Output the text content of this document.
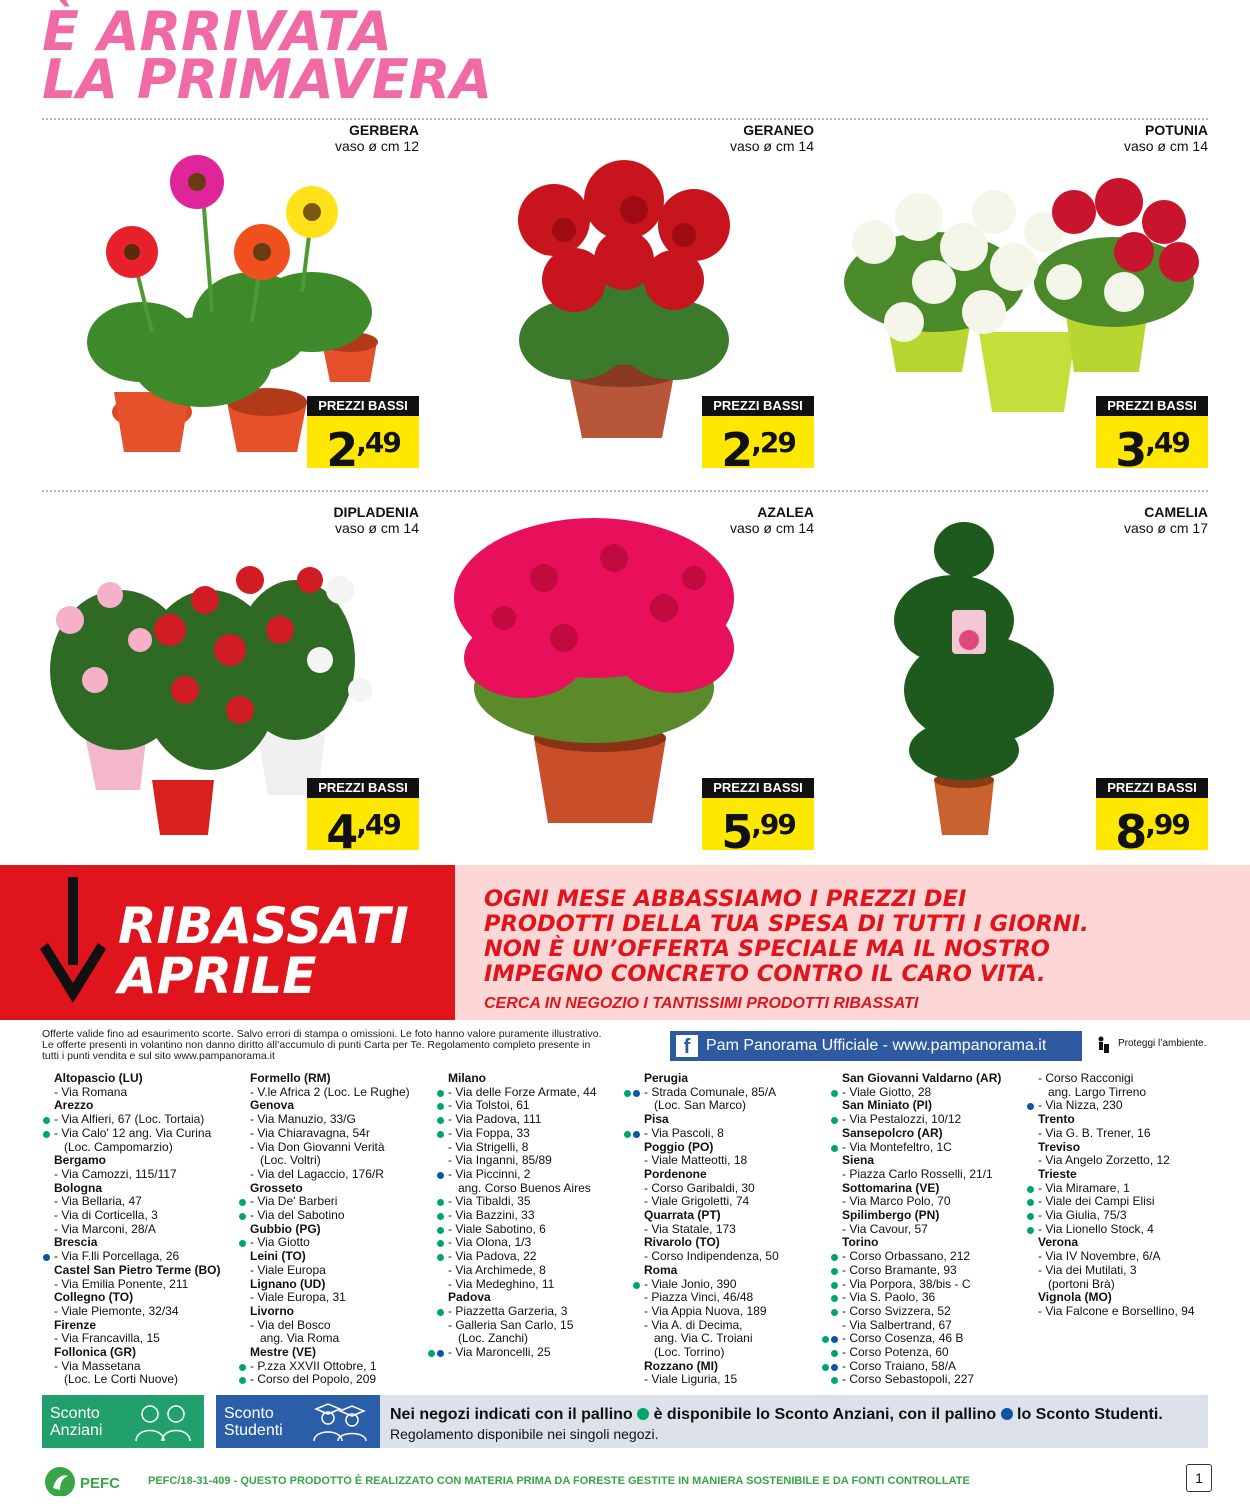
È ARRIVATA
LA PRIMAVERA
GERBERA
vaso ø cm 12
PREZZI BASSI
$2^{,49}$
GERANEO
vaso ø cm 14
PREZZI BASSI
$2^{,29}$
POTUNIA
vaso ø cm 14
PREZZI BASSI
$3^{,49}$
DIPLADENIA
vaso ø cm 14
PREZZI BASSI
$4^{,49}$
AZALEA
vaso ø cm 14
PREZZI BASSI
$5^{,99}$
CAMELIA
vaso ø cm 17
PREZZI BASSI
$8^{,99}$
RIBASSATI
APRILE
OGNI MESE ABBASSIAMO I PREZZI DEI
PRODOTTI DELLA TUA SPESA DI TUTTI I GIORNI.
NON È UN’OFFERTA SPECIALE MA IL NOSTRO
IMPEGNO CONCRETO CONTRO IL CARO VITA.
CERCA IN NEGOZIO I TANTISSIMI PRODOTTI RIBASSATI
Offerte valide fino ad esaurimento scorte. Salvo errori di stampa o omissioni. Le foto hanno valore puramente illustrativo.
Le offerte presenti in volantino non danno diritto all’accumulo di punti Carta per Te. Regolamento completo presente in
tutti i punti vendita e sul sito www.pampanorama.it	f Pam Panorama Ufficiale - www.pampanorama.it	Proteggi l’ambiente.
Altopascio (LU)
- Via Romana
Arezzo
- Via Alfieri, 67 (Loc. Tortaia)
- Via Calo' 12 ang. Via Curina
(Loc. Campomarzio)
Bergamo
- Via Camozzi, 115/117
Bologna
- Via Bellaria, 47
- Via di Corticella, 3
- Via Marconi, 28/A
Brescia
- Via F.lli Porcellaga, 26
Castel San Pietro Terme (BO)
- Via Emilia Ponente, 211
Collegno (TO)
- Viale Piemonte, 32/34
Firenze
- Via Francavilla, 15
Follonica (GR)
- Via Massetana
(Loc. Le Corti Nuove)
Formello (RM)
- V.le Africa 2 (Loc. Le Rughe)
Genova
- Via Manuzio, 33/G
- Via Chiaravagna, 54r
- Via Don Giovanni Verità
(Loc. Voltri)
- Via del Lagaccio, 176/R
Grosseto
- Via De' Barberi
- Via del Sabotino
Gubbio (PG)
- Via Giotto
Leini (TO)
- Viale Europa
Lignano (UD)
- Viale Europa, 31
Livorno
- Via del Bosco
ang. Via Roma
Mestre (VE)
- P.zza XXVII Ottobre, 1
- Corso del Popolo, 209
Milano
- Via delle Forze Armate, 44
- Via Tolstoi, 61
- Via Padova, 111
- Via Foppa, 33
- Via Strigelli, 8
- Via Inganni, 85/89
- Via Piccinni, 2
ang. Corso Buenos Aires
- Via Tibaldi, 35
- Via Bazzini, 33
- Viale Sabotino, 6
- Via Olona, 1/3
- Via Padova, 22
- Via Archimede, 8
- Via Medeghino, 11
Padova
- Piazzetta Garzeria, 3
- Galleria San Carlo, 15
(Loc. Zanchi)
- Via Maroncelli, 25
Perugia
- Strada Comunale, 85/A
(Loc. San Marco)
Pisa
- Via Pascoli, 8
Poggio (PO)
- Viale Matteotti, 18
Pordenone
- Corso Garibaldi, 30
- Viale Grigoletti, 74
Quarrata (PT)
- Via Statale, 173
Rivarolo (TO)
- Corso Indipendenza, 50
Roma
- Viale Jonio, 390
- Piazza Vinci, 46/48
- Via Appia Nuova, 189
- Via A. di Decima,
ang. Via C. Troiani
(Loc. Torrino)
Rozzano (MI)
- Viale Liguria, 15
San Giovanni Valdarno (AR)
- Viale Giotto, 28
San Miniato (PI)
- Via Pestalozzi, 10/12
Sansepolcro (AR)
- Via Montefeltro, 1C
Siena
- Piazza Carlo Rosselli, 21/1
Sottomarina (VE)
- Via Marco Polo, 70
Spilimbergo (PN)
- Via Cavour, 57
Torino
- Corso Orbassano, 212
- Corso Bramante, 93
- Via Porpora, 38/bis - C
- Via S. Paolo, 36
- Corso Svizzera, 52
- Via Salbertrand, 67
- Corso Cosenza, 46 B
- Corso Potenza, 60
- Corso Traiano, 58/A
- Corso Sebastopoli, 227
- Corso Racconigi
ang. Largo Tirreno
- Via Nizza, 230
Trento
- Via G. B. Trener, 16
Treviso
- Via Angelo Zorzetto, 12
Trieste
- Via Miramare, 1
- Viale dei Campi Elisi
- Via Giulia, 75/3
- Via Lionello Stock, 4
Verona
- Via IV Novembre, 6/A
- Via dei Mutilati, 3
(portoni Brà)
Vignola (MO)
- Via Falcone e Borsellino, 94
Sconto
Anziani
Sconto
Studenti
Nei negozi indicati con il pallino  è disponibile lo Sconto Anziani, con il pallino  lo Sconto Studenti.
Regolamento disponibile nei singoli negozi.
PEFC	PEFC/18-31-409 - QUESTO PRODOTTO È REALIZZATO CON MATERIA PRIMA DA FORESTE GESTITE IN MANIERA SOSTENIBILE E DA FONTI CONTROLLATE	1
